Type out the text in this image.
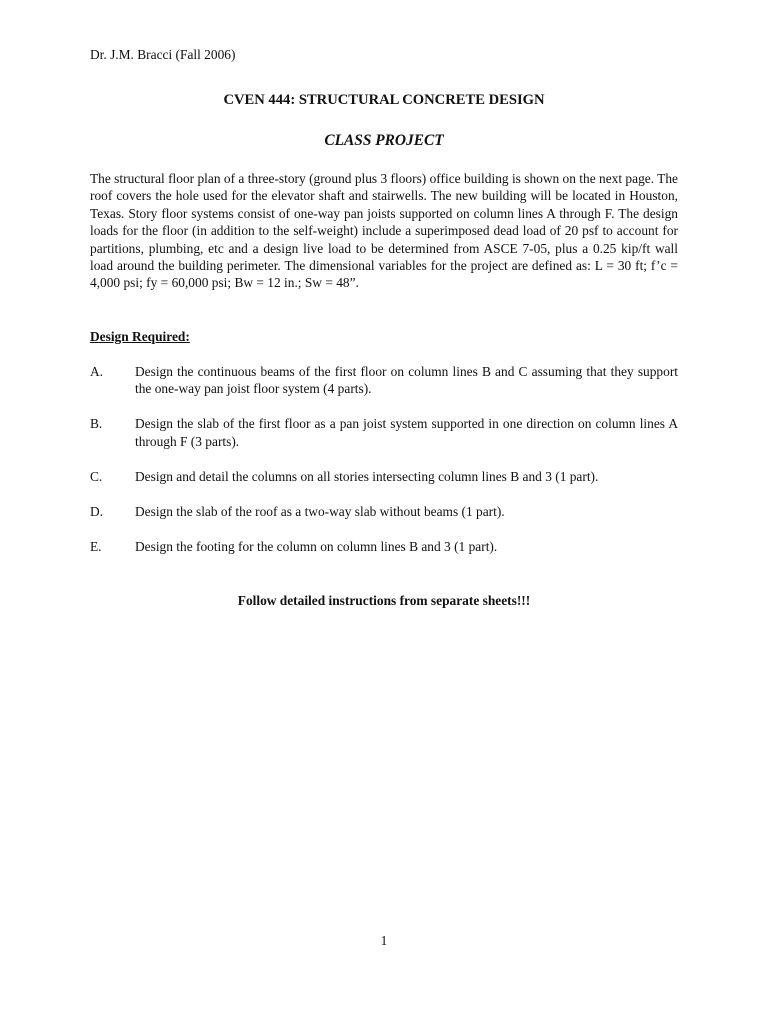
Dr. J.M. Bracci (Fall 2006)
CVEN 444: STRUCTURAL CONCRETE DESIGN
CLASS PROJECT

The structural floor plan of a three-story (ground plus 3 floors) office building is shown on the next page. The roof covers the hole used for the elevator shaft and stairwells. The new building will be located in Houston, Texas. Story floor systems consist of one-way pan joists supported on column lines A through F. The design loads for the floor (in addition to the self-weight) include a superimposed dead load of 20 psf to account for partitions, plumbing, etc and a design live load to be determined from ASCE 7-05, plus a 0.25 kip/ft wall load around the building perimeter. The dimensional variables for the project are defined as: L = 30 ft; f’c = 4,000 psi; fy = 60,000 psi; Bw = 12 in.; Sw = 48”.

Design Required:
A.	Design the continuous beams of the first floor on column lines B and C assuming that they support the one-way pan joist floor system (4 parts).
B.	Design the slab of the first floor as a pan joist system supported in one direction on column lines A through F (3 parts).
C.	Design and detail the columns on all stories intersecting column lines B and 3 (1 part).
D.	Design the slab of the roof as a two-way slab without beams (1 part).
E.	Design the footing for the column on column lines B and 3 (1 part).
Follow detailed instructions from separate sheets!!!
1
